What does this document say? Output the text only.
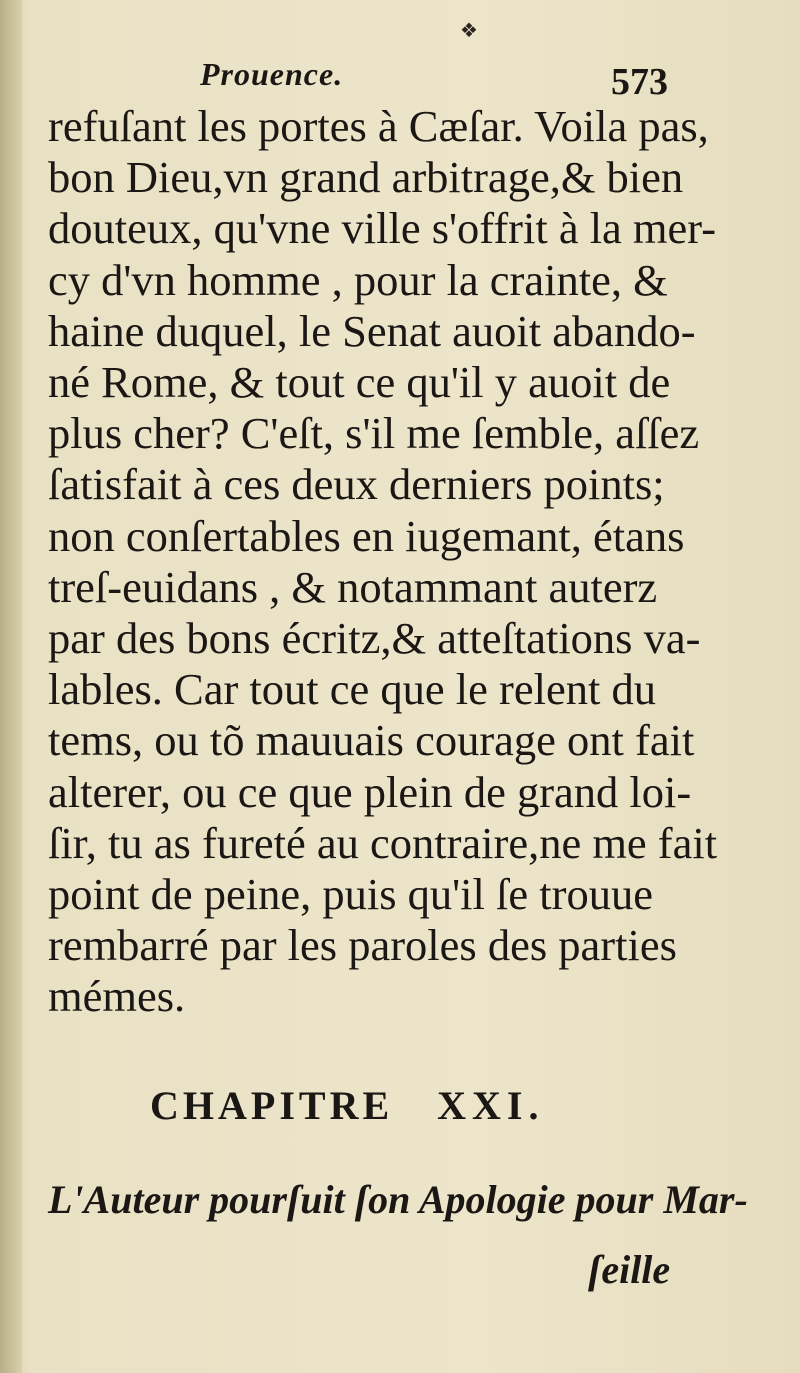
❖
Prouence.	573
refuſant les portes à Cæſar. Voila pas,
bon Dieu,vn grand arbitrage,& bien
douteux, qu'vne ville s'offrit à la mer-
cy d'vn homme , pour la crainte, &
haine duquel, le Senat auoit abando-
né Rome, & tout ce qu'il y auoit de
plus cher? C'eſt, s'il me ſemble, aſſez
ſatisfait à ces deux derniers points;
non conſertables en iugemant, étans
treſ-euidans , & notammant auterz
par des bons écritz,& atteſtations va-
lables. Car tout ce que le relent du
tems, ou tõ mauuais courage ont fait
alterer, ou ce que plein de grand loi-
ſir, tu as fureté au contraire,ne me fait
point de peine, puis qu'il ſe trouue
rembarré par les paroles des parties
mémes.
CHAPITRE XXI.
L'Auteur pourſuit ſon Apologie pour Mar-
ſeille
